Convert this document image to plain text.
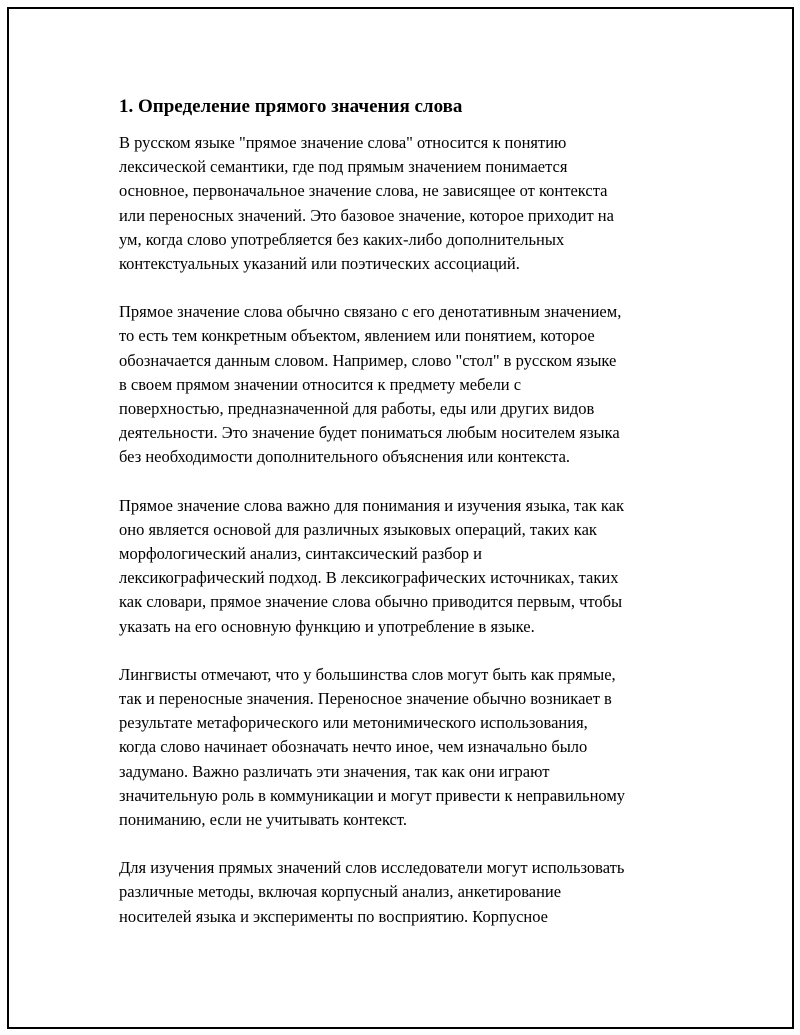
1. Определение прямого значения слова

В русском языке "прямое значение слова" относится к понятию
лексической семантики, где под прямым значением понимается
основное, первоначальное значение слова, не зависящее от контекста
или переносных значений. Это базовое значение, которое приходит на
ум, когда слово употребляется без каких-либо дополнительных
контекстуальных указаний или поэтических ассоциаций.

Прямое значение слова обычно связано с его денотативным значением,
то есть тем конкретным объектом, явлением или понятием, которое
обозначается данным словом. Например, слово "стол" в русском языке
в своем прямом значении относится к предмету мебели с
поверхностью, предназначенной для работы, еды или других видов
деятельности. Это значение будет пониматься любым носителем языка
без необходимости дополнительного объяснения или контекста.

Прямое значение слова важно для понимания и изучения языка, так как
оно является основой для различных языковых операций, таких как
морфологический анализ, синтаксический разбор и
лексикографический подход. В лексикографических источниках, таких
как словари, прямое значение слова обычно приводится первым, чтобы
указать на его основную функцию и употребление в языке.

Лингвисты отмечают, что у большинства слов могут быть как прямые,
так и переносные значения. Переносное значение обычно возникает в
результате метафорического или метонимического использования,
когда слово начинает обозначать нечто иное, чем изначально было
задумано. Важно различать эти значения, так как они играют
значительную роль в коммуникации и могут привести к неправильному
пониманию, если не учитывать контекст.

Для изучения прямых значений слов исследователи могут использовать
различные методы, включая корпусный анализ, анкетирование
носителей языка и эксперименты по восприятию. Корпусное
